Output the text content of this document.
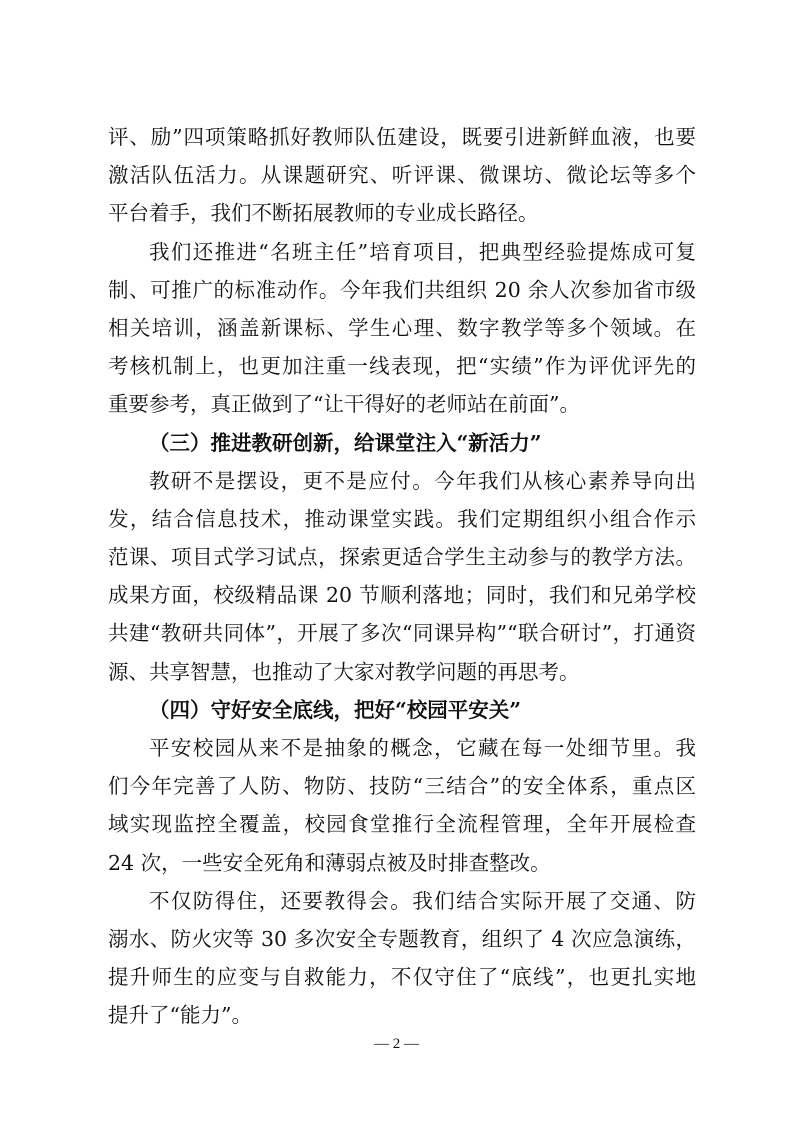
评、励”四项策略抓好教师队伍建设，既要引进新鲜血液，也要
激活队伍活力。从课题研究、听评课、微课坊、微论坛等多个
平台着手，我们不断拓展教师的专业成长路径。
我们还推进“名班主任”培育项目，把典型经验提炼成可复
制、可推广的标准动作。今年我们共组织 20 余人次参加省市级
相关培训，涵盖新课标、学生心理、数字教学等多个领域。在
考核机制上，也更加注重一线表现，把“实绩”作为评优评先的
重要参考，真正做到了“让干得好的老师站在前面”。
（三）推进教研创新，给课堂注入“新活力”
教研不是摆设，更不是应付。今年我们从核心素养导向出
发，结合信息技术，推动课堂实践。我们定期组织小组合作示
范课、项目式学习试点，探索更适合学生主动参与的教学方法。
成果方面，校级精品课 20 节顺利落地；同时，我们和兄弟学校
共建“教研共同体”，开展了多次“同课异构”“联合研讨”，打通资
源、共享智慧，也推动了大家对教学问题的再思考。
（四）守好安全底线，把好“校园平安关”
平安校园从来不是抽象的概念，它藏在每一处细节里。我
们今年完善了人防、物防、技防“三结合”的安全体系，重点区
域实现监控全覆盖，校园食堂推行全流程管理，全年开展检查
24 次，一些安全死角和薄弱点被及时排查整改。
不仅防得住，还要教得会。我们结合实际开展了交通、防
溺水、防火灾等 30 多次安全专题教育，组织了 4 次应急演练，
提升师生的应变与自救能力，不仅守住了“底线”，也更扎实地
提升了“能力”。
— 2 —
